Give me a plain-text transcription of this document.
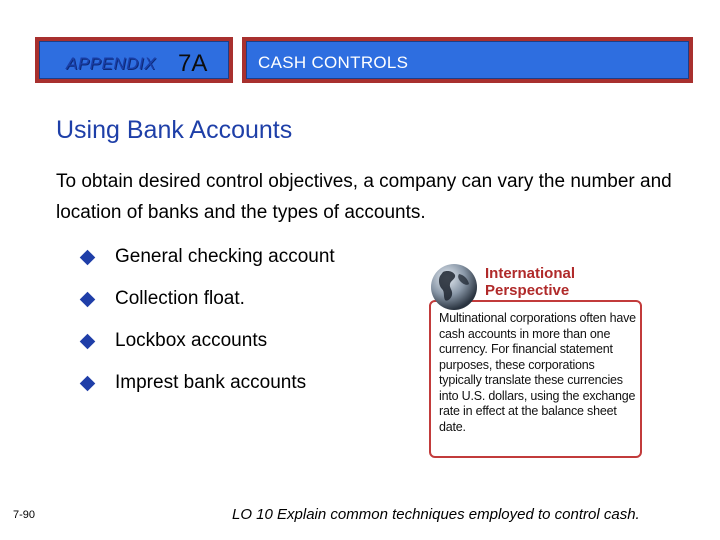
APPENDIX 7A	CASH CONTROLS
Using Bank Accounts
To obtain desired control objectives, a company can vary the number and location of banks and the types of accounts.
General checking account
Collection float.
Lockbox accounts
Imprest bank accounts
Multinational corporations often have cash accounts in more than one currency. For financial statement purposes, these corporations typically translate these currencies into U.S. dollars, using the exchange rate in effect at the balance sheet date.
International
Perspective
7-90	LO 10 Explain common techniques employed to control cash.
